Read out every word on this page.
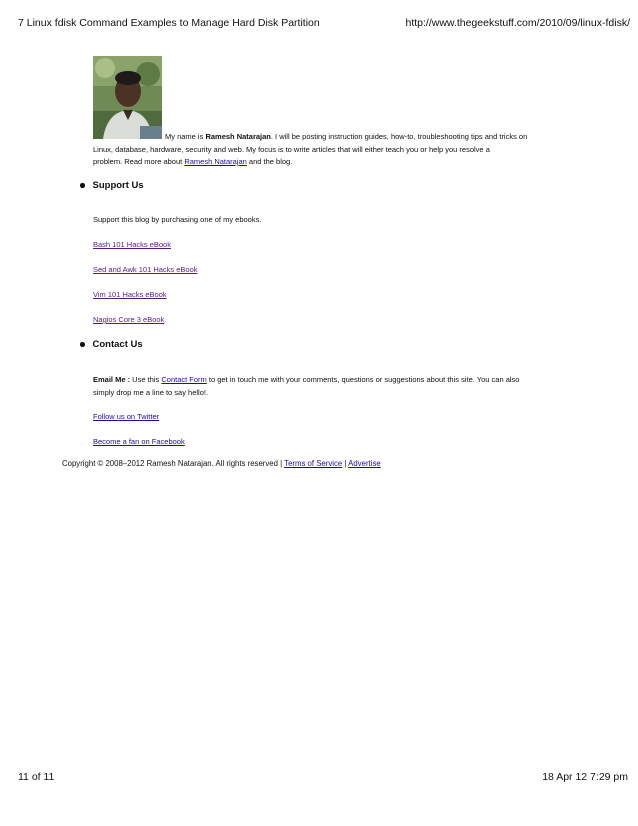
7 Linux fdisk Command Examples to Manage Hard Disk Partition	http://www.thegeekstuff.com/2010/09/linux-fdisk/
My name is Ramesh Natarajan. I will be posting instruction guides, how-to, troubleshooting tips and tricks on
Linux, database, hardware, security and web. My focus is to write articles that will either teach you or help you resolve a
problem. Read more about Ramesh Natarajan and the blog.
Support Us
Support this blog by purchasing one of my ebooks.
Bash 101 Hacks eBook
Sed and Awk 101 Hacks eBook
Vim 101 Hacks eBook
Nagios Core 3 eBook
Contact Us
Email Me : Use this Contact Form to get in touch me with your comments, questions or suggestions about this site. You can also
simply drop me a line to say hello!.
Follow us on Twitter
Become a fan on Facebook
Copyright © 2008–2012 Ramesh Natarajan. All rights reserved | Terms of Service | Advertise
11 of 11	18 Apr 12 7:29 pm
